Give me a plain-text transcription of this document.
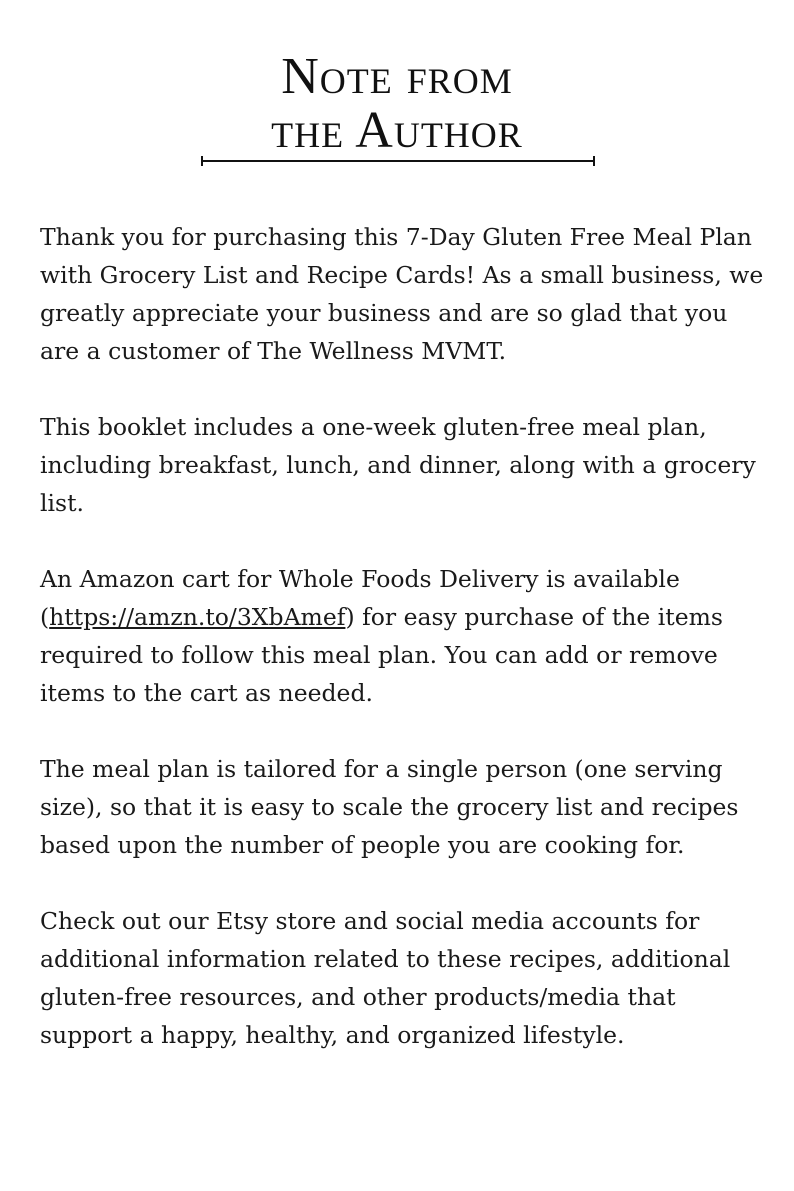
Note from
the Author

Thank you for purchasing this 7-Day Gluten Free Meal Plan with Grocery List and Recipe Cards! As a small business, we greatly appreciate your business and are so glad that you are a customer of The Wellness MVMT.

This booklet includes a one-week gluten-free meal plan, including breakfast, lunch, and dinner, along with a grocery list.

An Amazon cart for Whole Foods Delivery is available (https://amzn.to/3XbAmef) for easy purchase of the items required to follow this meal plan. You can add or remove items to the cart as needed.

The meal plan is tailored for a single person (one serving size), so that it is easy to scale the grocery list and recipes based upon the number of people you are cooking for.

Check out our Etsy store and social media accounts for additional information related to these recipes, additional gluten-free resources, and other products/media that support a happy, healthy, and organized lifestyle.
